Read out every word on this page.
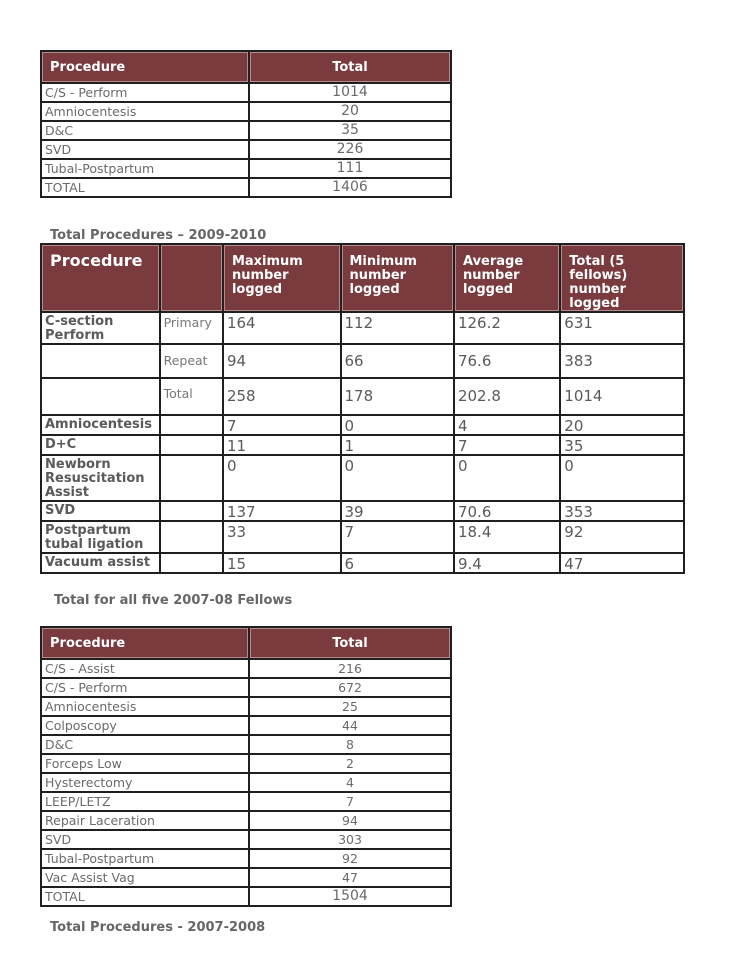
Procedure	Total
C/S - Perform	1014
Amniocentesis	20
D&C	35
SVD	226
Tubal-Postpartum	111
TOTAL	1406
Total Procedures – 2009-2010
Procedure		Maximum number logged	Minimum number logged	Average number logged	Total (5 fellows) number logged
C-section Perform	Primary	164	112	126.2	631
	Repeat	94	66	76.6	383
	Total	258	178	202.8	1014
Amniocentesis		7	0	4	20
D+C		11	1	7	35
Newborn Resuscitation Assist		0	0	0	0
SVD		137	39	70.6	353
Postpartum tubal ligation		33	7	18.4	92
Vacuum assist		15	6	9.4	47
Total for all five 2007-08 Fellows
Procedure	Total
C/S - Assist	216
C/S - Perform	672
Amniocentesis	25
Colposcopy	44
D&C	8
Forceps Low	2
Hysterectomy	4
LEEP/LETZ	7
Repair Laceration	94
SVD	303
Tubal-Postpartum	92
Vac Assist Vag	47
TOTAL	1504
Total Procedures - 2007-2008
